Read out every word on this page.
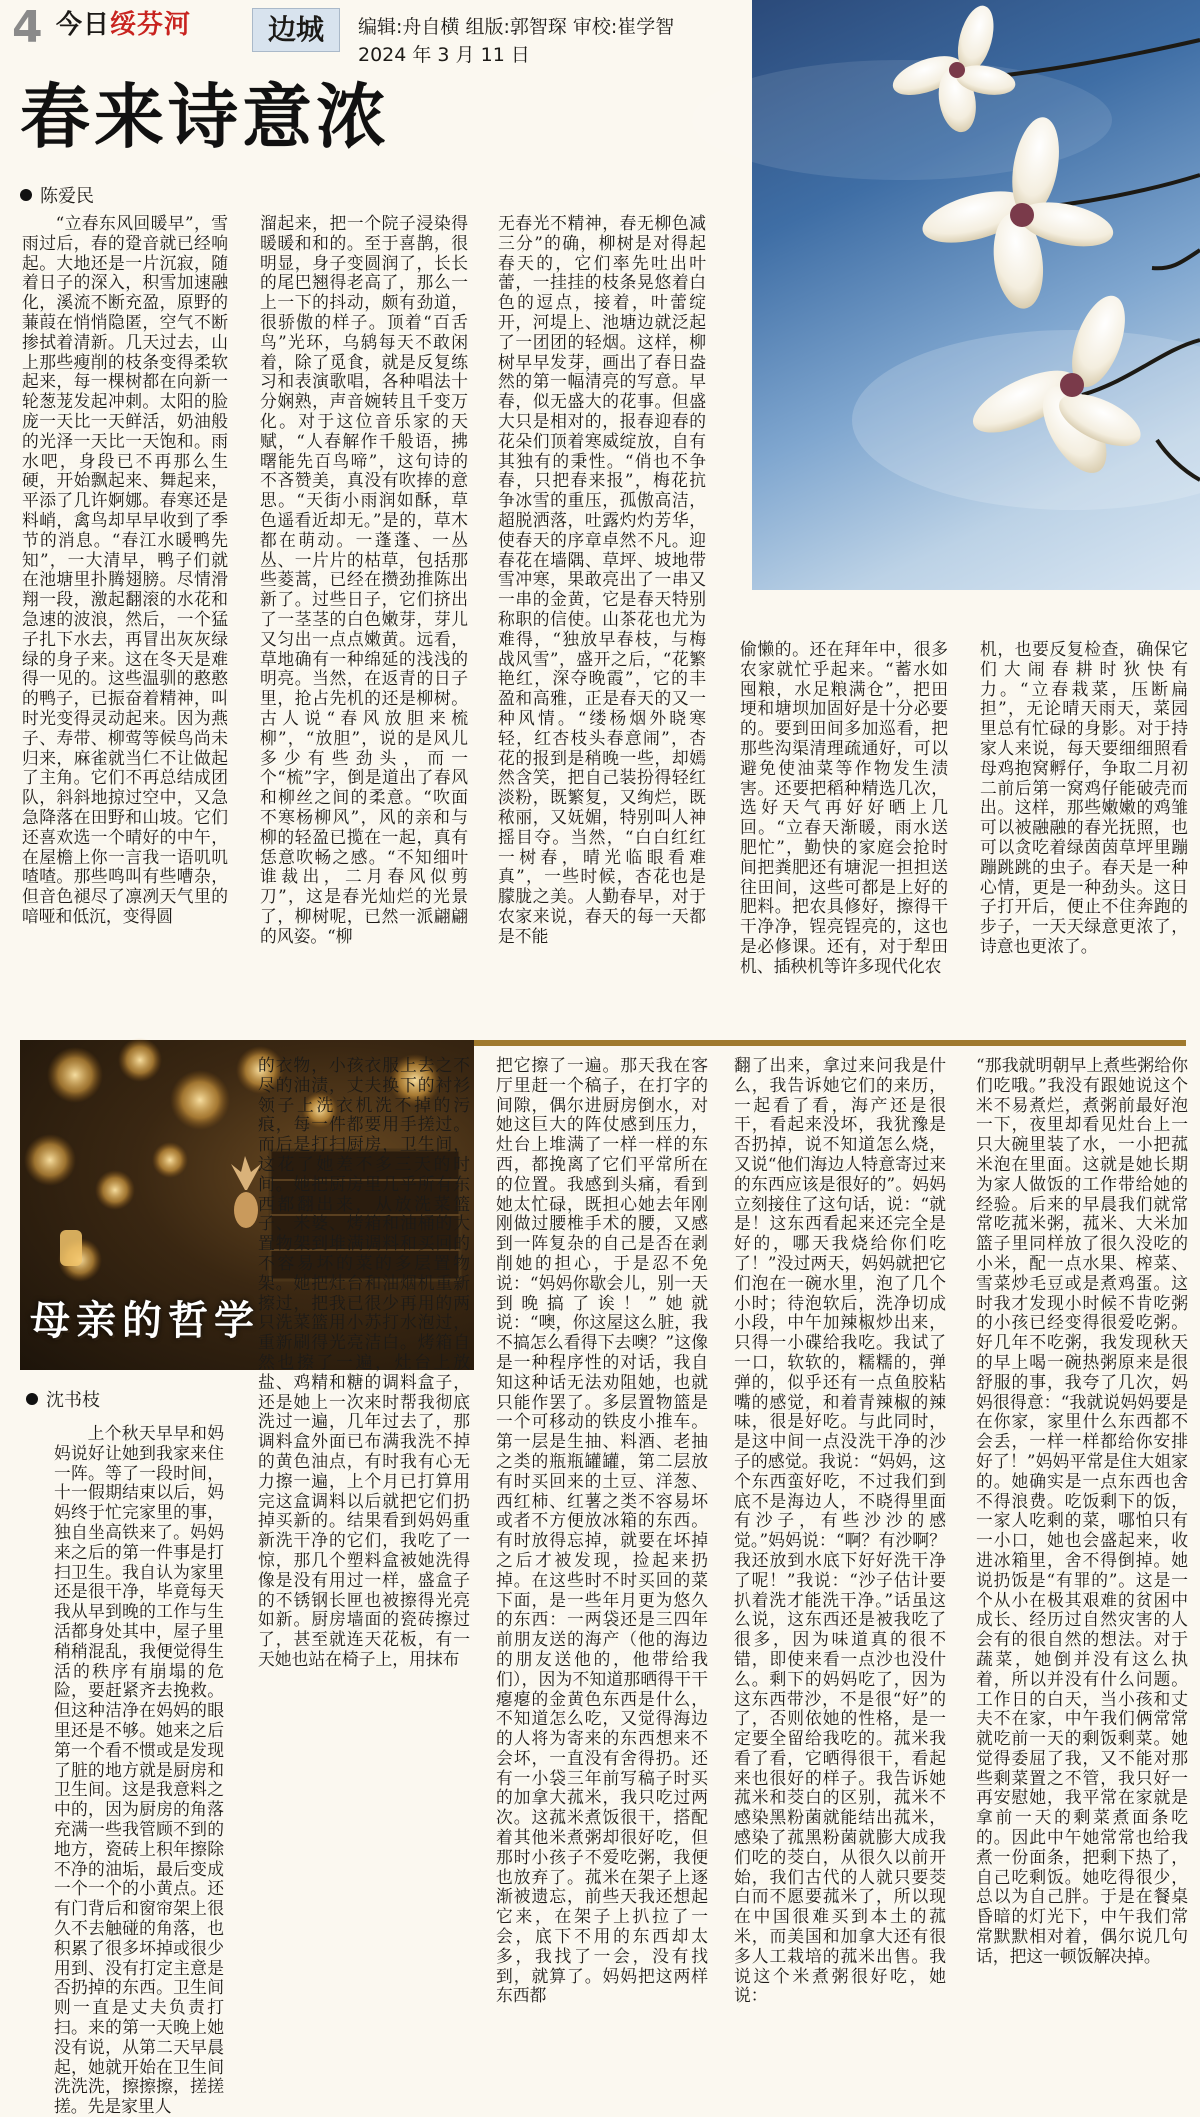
4 今日绥芬河	边城	编辑:舟自横 组版:郭智琛 审校:崔学智
2024 年 3 月 11 日
春来诗意浓
陈爱民

“立春东风回暖早”，雪雨过后，春的跫音就已经响起。大地还是一片沉寂，随着日子的深入，积雪加速融化，溪流不断充盈，原野的蒹葭在悄悄隐匿，空气不断掺拭着清新。几天过去，山上那些瘦削的枝条变得柔软起来，每一棵树都在向新一轮葱茏发起冲刺。太阳的脸庞一天比一天鲜活，奶油般的光泽一天比一天饱和。雨水吧，身段已不再那么生硬，开始飘起来、舞起来，平添了几许婀娜。春寒还是料峭，禽鸟却早早收到了季节的消息。“春江水暖鸭先知”，一大清早，鸭子们就在池塘里扑腾翅膀。尽情滑翔一段，激起翻滚的水花和急速的波浪，然后，一个猛子扎下水去，再冒出灰灰绿绿的身子来。这在冬天是难得一见的。这些温驯的憨憨的鸭子，已振奋着精神，叫时光变得灵动起来。因为燕子、寿带、柳莺等候鸟尚未归来，麻雀就当仁不让做起了主角。它们不再总结成团队，斜斜地掠过空中，又急急降落在田野和山坡。它们还喜欢选一个晴好的中午，在屋檐上你一言我一语叽叽喳喳。那些鸣叫有些嘈杂，但音色褪尽了凛冽天气里的喑哑和低沉，变得圆

溜起来，把一个院子浸染得暖暖和和的。至于喜鹊，很明显，身子变圆润了，长长的尾巴翘得老高了，那么一上一下的抖动，颇有劲道，很骄傲的样子。顶着“百舌鸟”光环，乌鸫每天不敢闲着，除了觅食，就是反复练习和表演歌唱，各种唱法十分娴熟，声音婉转且千变万化。对于这位音乐家的天赋，“人春解作千般语，拂曙能先百鸟啼”，这句诗的不吝赞美，真没有吹捧的意思。“天街小雨润如酥，草色遥看近却无。”是的，草木都在萌动。一蓬蓬、一丛丛、一片片的枯草，包括那些菱蒿，已经在攒劲推陈出新了。过些日子，它们挤出了一茎茎的白色嫩芽，芽儿又匀出一点点嫩黄。远看，草地确有一种绵延的浅浅的明亮。当然，在返青的日子里，抢占先机的还是柳树。古人说“春风放胆来梳柳”，“放胆”，说的是风儿多少有些劲头，而一个“梳”字，倒是道出了春风和柳丝之间的柔意。“吹面不寒杨柳风”，风的亲和与柳的轻盈已揽在一起，真有恁意吹畅之感。“不知细叶谁裁出，二月春风似剪刀”，这是春光灿烂的光景了，柳树呢，已然一派翩翩的风姿。“柳

无春光不精神，春无柳色减三分”的确，柳树是对得起春天的，它们率先吐出叶蕾，一挂挂的枝条晃悠着白色的逗点，接着，叶蕾绽开，河堤上、池塘边就泛起了一团团的轻烟。这样，柳树早早发芽，画出了春日盎然的第一幅清亮的写意。早春，似无盛大的花事。但盛大只是相对的，报春迎春的花朵们顶着寒威绽放，自有其独有的秉性。“俏也不争春，只把春来报”，梅花抗争冰雪的重压，孤傲高洁，超脱洒落，吐露灼灼芳华，使春天的序章卓然不凡。迎春花在墙隅、草坪、坡地带雪冲寒，果敢亮出了一串又一串的金黄，它是春天特别称职的信使。山茶花也尤为难得，“独放早春枝，与梅战风雪”，盛开之后，“花繁艳红，深夺晚霞”，它的丰盈和高雅，正是春天的又一种风情。“缕杨烟外晓寒轻，红杏枝头春意闹”，杏花的报到是稍晚一些，却嫣然含笑，把自己装扮得轻红淡粉，既繁复，又绚烂，既秾丽，又妩媚，特别叫人神摇目夺。当然，“白白红红一树春，晴光临眼看难真”，一些时候，杏花也是朦胧之美。人勤春早，对于农家来说，春天的每一天都是不能

偷懒的。还在拜年中，很多农家就忙乎起来。“蓄水如囤粮，水足粮满仓”，把田埂和塘坝加固好是十分必要的。要到田间多加巡看，把那些沟渠清理疏通好，可以避免使油菜等作物发生渍害。还要把稻种精选几次，选好天气再好好晒上几回。“立春天渐暖，雨水送肥忙”，勤快的家庭会抢时间把粪肥还有塘泥一担担送往田间，这些可都是上好的肥料。把农具修好，擦得干干净净，锃亮锃亮的，这也是必修课。还有，对于犁田机、插秧机等许多现代化农

机，也要反复检查，确保它们大闹春耕时狄快有力。“立春栽菜，压断扁担”，无论晴天雨天，菜园里总有忙碌的身影。对于持家人来说，每天要细细照看母鸡抱窝孵仔，争取二月初二前后第一窝鸡仔能破壳而出。这样，那些嫩嫩的鸡雏可以被融融的春光抚照，也可以贪吃着绿茵茵草坪里蹦蹦跳跳的虫子。春天是一种心情，更是一种劲头。这日子打开后，便止不住奔跑的步子，一天天绿意更浓了，诗意也更浓了。

母亲的哲学
沈书枝

上个秋天早早和妈妈说好让她到我家来住一阵。等了一段时间，十一假期结束以后，妈妈终于忙完家里的事，独自坐高铁来了。妈妈来之后的第一件事是打扫卫生。我自认为家里还是很干净，毕竟每天我从早到晚的工作与生活都身处其中，屋子里稍稍混乱，我便觉得生活的秩序有崩塌的危险，要赶紧齐去挽救。但这种洁净在妈妈的眼里还是不够。她来之后第一个看不惯或是发现了脏的地方就是厨房和卫生间。这是我意料之中的，因为厨房的角落充满一些我管顾不到的地方，瓷砖上积年擦除不净的油垢，最后变成一个一个的小黄点。还有门背后和窗帘架上很久不去触碰的角落，也积累了很多坏掉或很少用到、没有打定主意是否扔掉的东西。卫生间则一直是丈夫负责打扫。来的第一天晚上她没有说，从第二天早晨起，她就开始在卫生间洗洗洗，擦擦擦，搓搓搓。先是家里人

的衣物，小孩衣服上去之不尽的油渍，丈夫换下的衬衫领子上洗衣机洗不掉的污痕，每一件都要用手搓过。而后是打扫厨房，卫生间，这花了她差不多三天的时间。她把厨房里几乎所有东西都翻出来，从放洗菜篮子、米婆、烤箱和油桶的大置物架到堆满调料和买回的不容易坏的菜的多层置物架。她把灶台和油烟机重新擦过，把我已很少再用的两只洗菜篮用小苏打水泡过，重新刷得光亮洁白。烤箱自然也擦了一遍，灶台上放盐、鸡精和糖的调料盒子，还是她上一次来时帮我彻底洗过一遍，几年过去了，那调料盒外面已布满我洗不掉的黄色油点，有时我有心无力擦一遍，上个月已打算用完这盒调料以后就把它们扔掉买新的。结果看到妈妈重新洗干净的它们，我吃了一惊，那几个塑料盒被她洗得像是没有用过一样，盛盒子的不锈钢长匣也被擦得光亮如新。厨房墙面的瓷砖擦过了，甚至就连天花板，有一天她也站在椅子上，用抹布

把它擦了一遍。那天我在客厅里赶一个稿子，在打字的间隙，偶尔进厨房倒水，对她这巨大的阵仗感到压力，灶台上堆满了一样一样的东西，都挽离了它们平常所在的位置。我感到头痛，看到她太忙碌，既担心她去年刚刚做过腰椎手术的腰，又感到一阵复杂的自己是否在剥削她的担心，于是忍不免说：“妈妈你歇会儿，别一天到晚搞了诶！”她就说：“噢，你这屋这么脏，我不搞怎么看得下去噢？”这像是一种程序性的对话，我自知这种话无法劝阻她，也就只能作罢了。多层置物篮是一个可移动的铁皮小推车。第一层是生抽、料酒、老抽之类的瓶瓶罐罐，第二层放有时买回来的土豆、洋葱、西红柿、红薯之类不容易坏或者不方便放冰箱的东西。有时放得忘掉，就要在坏掉之后才被发现，捡起来扔掉。在这些时不时买回的菜下面，是一些年月更为悠久的东西：一两袋还是三四年前朋友送的海产（他的海边的朋友送他的，他带给我们），因为不知道那晒得干干瘪瘪的金黄色东西是什么，不知道怎么吃，又觉得海边的人将为寄来的东西想来不会坏，一直没有舍得扔。还有一小袋三年前写稿子时买的加拿大菰米，我只吃过两次。这菰米煮饭很干，搭配着其他米煮粥却很好吃，但那时小孩子不爱吃粥，我便也放弃了。菰米在架子上逐渐被遗忘，前些天我还想起它来，在架子上扒拉了一会，底下不用的东西却太多，我找了一会，没有找到，就算了。妈妈把这两样东西都

翻了出来，拿过来问我是什么，我告诉她它们的来历，一起看了看，海产还是很干，看起来没坏，我犹豫是否扔掉，说不知道怎么烧，又说“他们海边人特意寄过来的东西应该是很好的”。妈妈立刻接住了这句话，说：“就是！这东西看起来还完全是好的，哪天我烧给你们吃了！”没过两天，妈妈就把它们泡在一碗水里，泡了几个小时；待泡软后，洗净切成小段，中午加辣椒炒出来，只得一小碟给我吃。我试了一口，软软的，糯糯的，弹弹的，似乎还有一点鱼胶粘嘴的感觉，和着青辣椒的辣味，很是好吃。与此同时，是这中间一点没洗干净的沙子的感觉。我说：“妈妈，这个东西蛮好吃，不过我们到底不是海边人，不晓得里面有沙子，有些沙沙的感觉。”妈妈说：“啊？有沙啊？我还放到水底下好好洗干净了呢！”我说：“沙子估计要扒着洗才能洗干净。”话虽这么说，这东西还是被我吃了很多，因为味道真的很不错，即使来看一点沙也没什么。剩下的妈妈吃了，因为这东西带沙，不是很“好”的了，否则依她的性格，是一定要全留给我吃的。菰米我看了看，它晒得很干，看起来也很好的样子。我告诉她菰米和茭白的区别，菰米不感染黑粉菌就能结出菰米，感染了菰黑粉菌就膨大成我们吃的茭白，从很久以前开始，我们古代的人就只要茭白而不愿要菰米了，所以现在中国很难买到本土的菰米，而美国和加拿大还有很多人工栽培的菰米出售。我说这个米煮粥很好吃，她说：

“那我就明朝早上煮些粥给你们吃哦。”我没有跟她说这个米不易煮烂，煮粥前最好泡一下，夜里却看见灶台上一只大碗里装了水，一小把菰米泡在里面。这就是她长期为家人做饭的工作带给她的经验。后来的早晨我们就常常吃菰米粥，菰米、大米加篮子里同样放了很久没吃的小米，配一点水果、榨菜、雪菜炒毛豆或是煮鸡蛋。这时我才发现小时候不肯吃粥的小孩已经变得很爱吃粥。好几年不吃粥，我发现秋天的早上喝一碗热粥原来是很舒服的事，我夸了几次，妈妈很得意：“我就说妈妈要是在你家，家里什么东西都不会丢，一样一样都给你安排好了！”妈妈平常是住大姐家的。她确实是一点东西也舍不得浪费。吃饭剩下的饭，一家人吃剩的菜，哪怕只有一小口，她也会盛起来，收进冰箱里，舍不得倒掉。她说扔饭是“有罪的”。这是一个从小在极其艰难的贫困中成长、经历过自然灾害的人会有的很自然的想法。对于蔬菜，她倒并没有这么执着，所以并没有什么问题。工作日的白天，当小孩和丈夫不在家，中午我们俩常常就吃前一天的剩饭剩菜。她觉得委屈了我，又不能对那些剩菜置之不管，我只好一再安慰她，我平常在家就是拿前一天的剩菜煮面条吃的。因此中午她常常也给我煮一份面条，把剩下热了，自己吃剩饭。她吃得很少，总以为自己胖。于是在餐桌昏暗的灯光下，中午我们常常默默相对着，偶尔说几句话，把这一顿饭解决掉。
